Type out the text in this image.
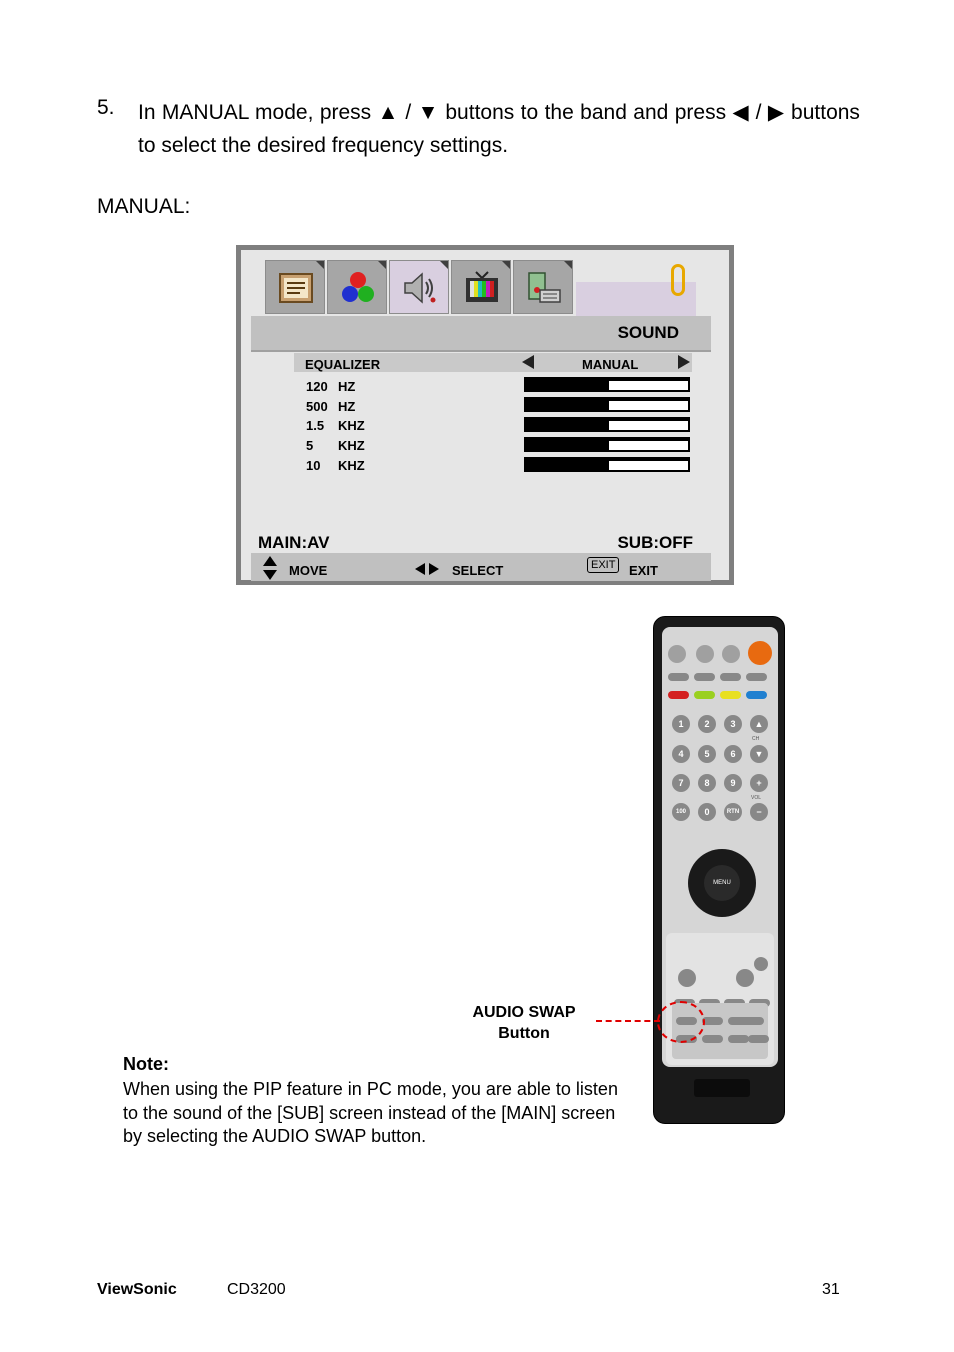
5. In MANUAL mode, press ▲ / ▼ buttons to the band and press ◀ / ▶ buttons to select the desired frequency settings.
MANUAL:
SOUND
EQUALIZER	MANUAL
120 HZ
500 HZ
1.5 KHZ
5 KHZ
10 KHZ
MAIN:AV	SUB:OFF
MOVE	SELECT	EXIT	EXIT
1	2	3	▲
CH
4	5	6	▼
7	8	9	+
VOL
100	0	RTN	−
MENU
AUDIO SWAP
Button
Note:
When using the PIP feature in PC mode, you are able to listen to the sound of the [SUB] screen instead of the [MAIN] screen by selecting the AUDIO SWAP button.
ViewSonic	CD3200	31
